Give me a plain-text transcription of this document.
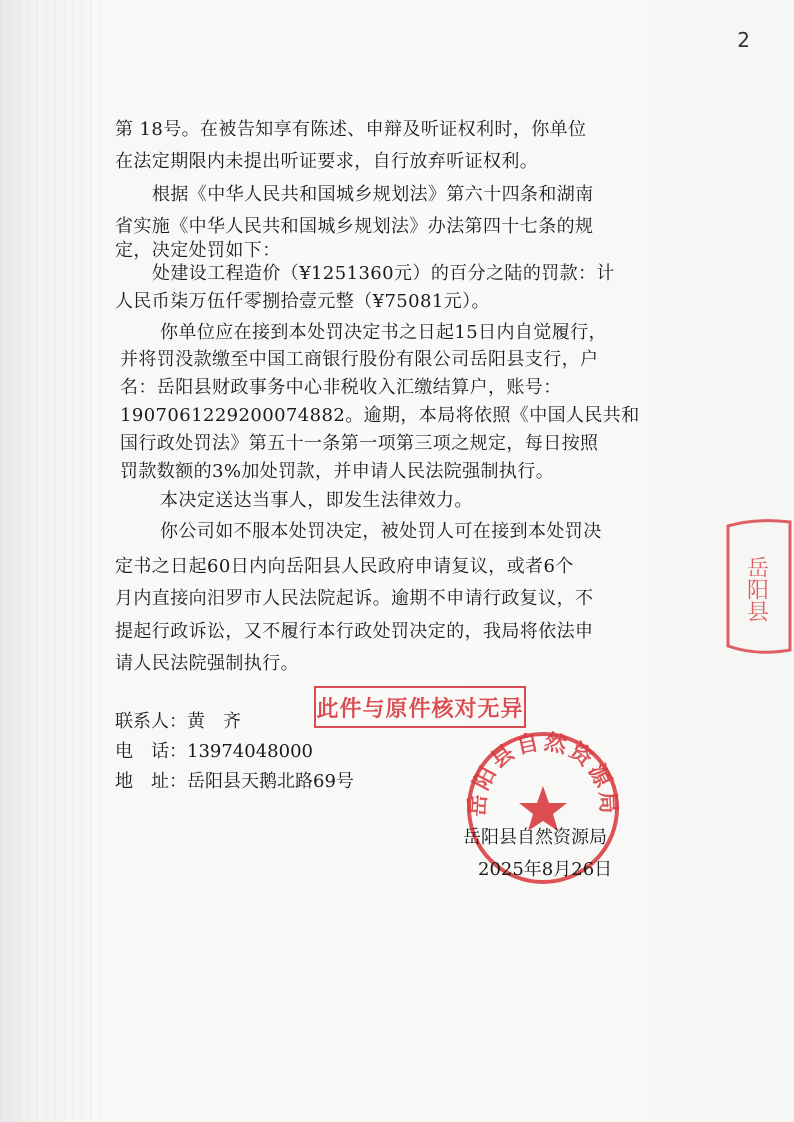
2
第 18号。在被告知享有陈述、申辩及听证权利时，你单位
在法定期限内未提出听证要求，自行放弃听证权利。
根据《中华人民共和国城乡规划法》第六十四条和湖南
省实施《中华人民共和国城乡规划法》办法第四十七条的规
定，决定处罚如下：
处建设工程造价（¥1251360元）的百分之陆的罚款：计
人民币柒万伍仟零捌拾壹元整（¥75081元）。
你单位应在接到本处罚决定书之日起15日内自觉履行，
并将罚没款缴至中国工商银行股份有限公司岳阳县支行，户
名：岳阳县财政事务中心非税收入汇缴结算户，账号：
1907061229200074882。逾期，本局将依照《中国人民共和
国行政处罚法》第五十一条第一项第三项之规定，每日按照
罚款数额的3%加处罚款，并申请人民法院强制执行。
本决定送达当事人，即发生法律效力。
你公司如不服本处罚决定，被处罚人可在接到本处罚决
定书之日起60日内向岳阳县人民政府申请复议，或者6个
月内直接向汨罗市人民法院起诉。逾期不申请行政复议，不
提起行政诉讼，又不履行本行政处罚决定的，我局将依法申
请人民法院强制执行。
联系人：黄　齐
电　话：13974048000
地　址：岳阳县天鹅北路69号
此件与原件核对无异
岳阳县自然资源局
岳阳县自然资源局
2025年8月26日
岳阳县
